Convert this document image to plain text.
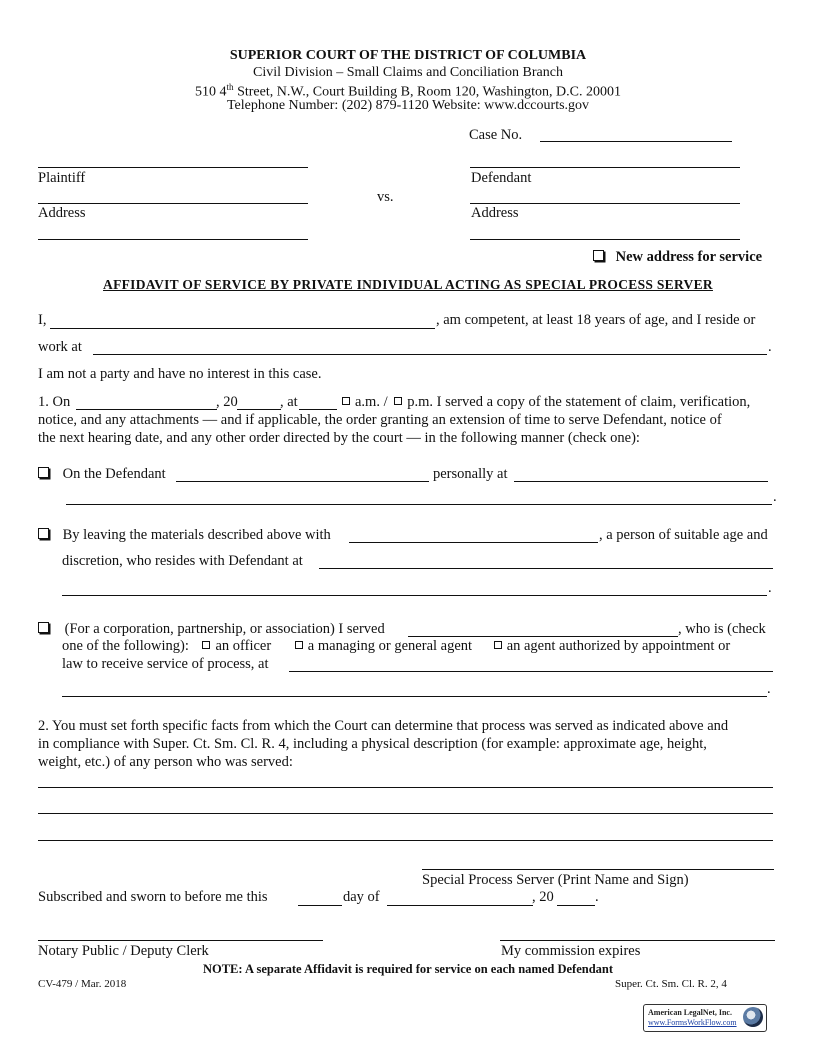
SUPERIOR COURT OF THE DISTRICT OF COLUMBIA
Civil Division – Small Claims and Conciliation Branch
510 4th Street, N.W., Court Building B, Room 120, Washington, D.C. 20001
Telephone Number: (202) 879-1120 Website: www.dccourts.gov
Case No.
Plaintiff	Defendant
vs.
Address	Address
New address for service
AFFIDAVIT OF SERVICE BY PRIVATE INDIVIDUAL ACTING AS SPECIAL PROCESS SERVER
I,	, am competent, at least 18 years of age, and I reside or
work at	.
I am not a party and have no interest in this case.
1. On	, 20	, at	a.m. / p.m. I served a copy of the statement of claim, verification,
notice, and any attachments — and if applicable, the order granting an extension of time to serve Defendant, notice of
the next hearing date, and any other order directed by the court — in the following manner (check one):
On the Defendant	personally at
.
By leaving the materials described above with	, a person of suitable age and
discretion, who resides with Defendant at
.
(For a corporation, partnership, or association) I served	, who is (check
one of the following): an officer	a managing or general agent an agent authorized by appointment or
law to receive service of process, at
.
2. You must set forth specific facts from which the Court can determine that process was served as indicated above and
in compliance with Super. Ct. Sm. Cl. R. 4, including a physical description (for example: approximate age, height,
weight, etc.) of any person who was served:
Special Process Server (Print Name and Sign)
Subscribed and sworn to before me this	day of	, 20	.
Notary Public / Deputy Clerk	My commission expires
NOTE: A separate Affidavit is required for service on each named Defendant
CV-479 / Mar. 2018	Super. Ct. Sm. Cl. R. 2, 4
American LegalNet, Inc.
www.FormsWorkFlow.com
